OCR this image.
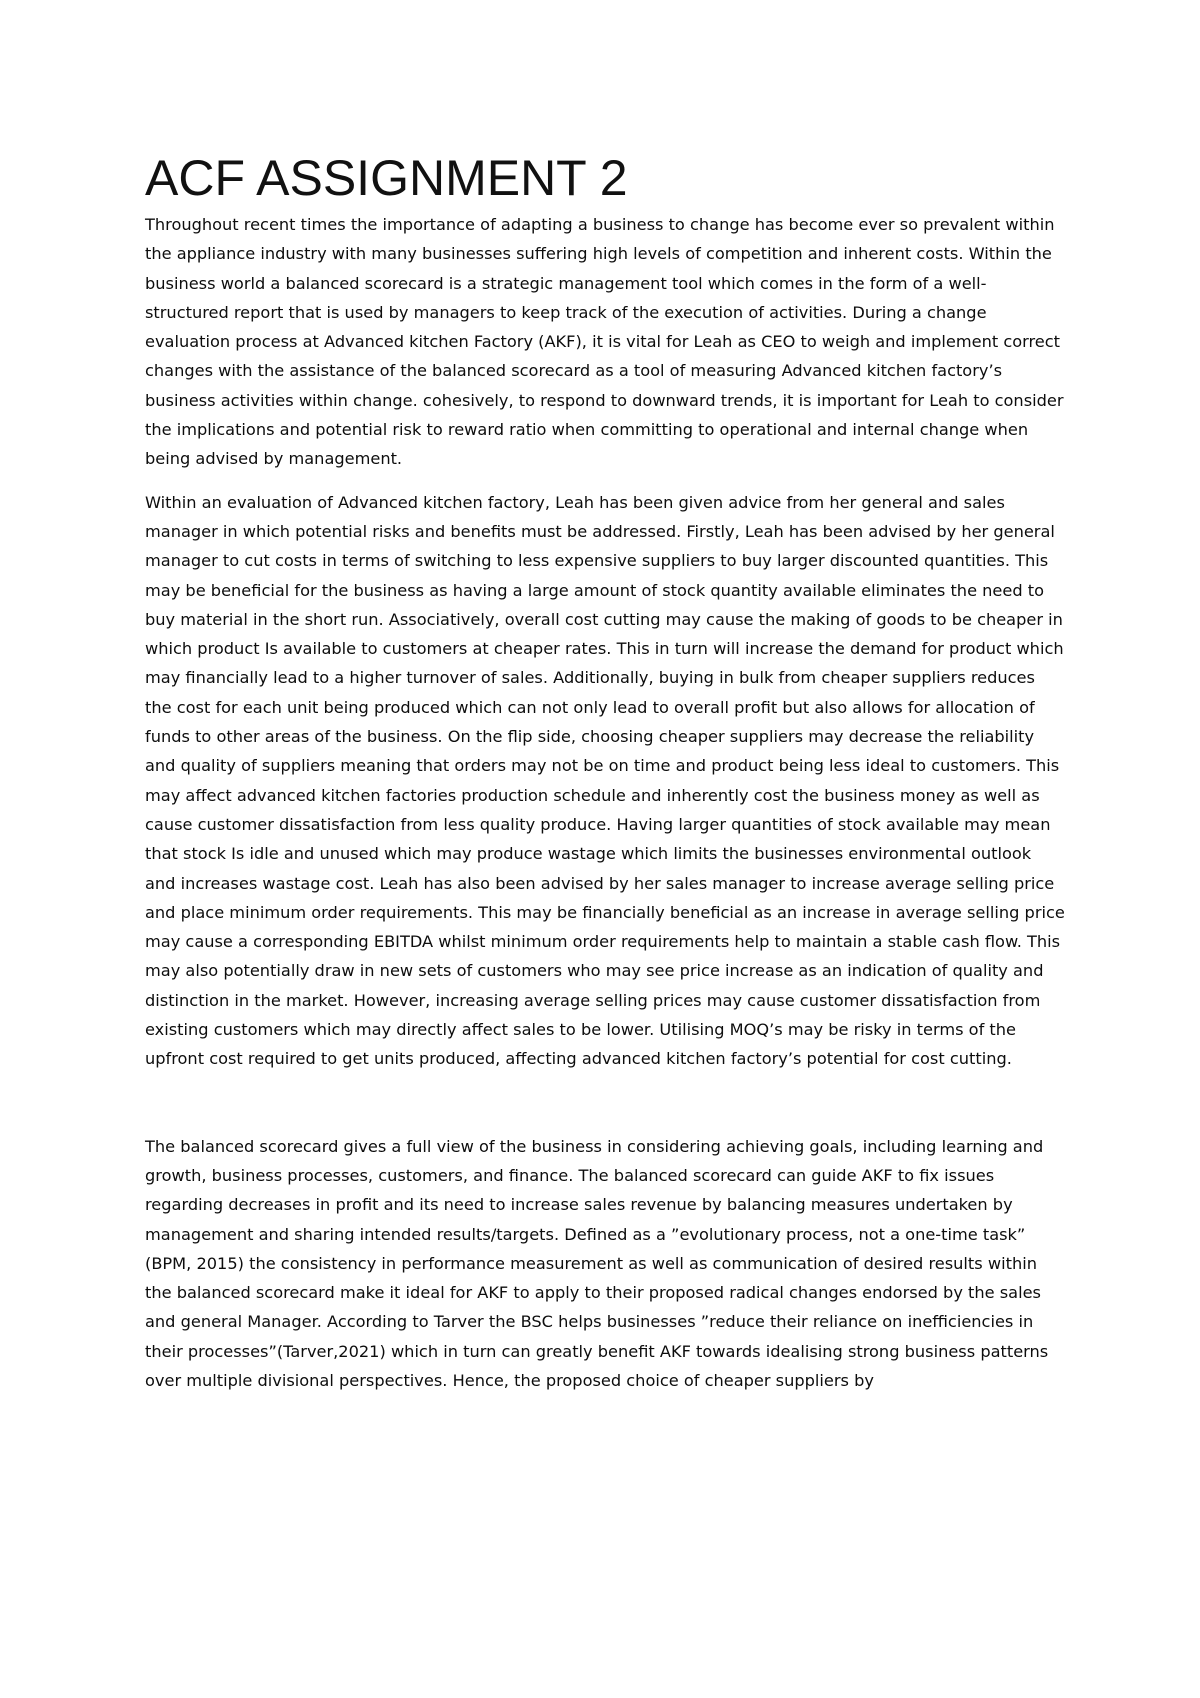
ACF ASSIGNMENT 2

Throughout recent times the importance of adapting a business to change has become ever so prevalent within the appliance industry with many businesses suffering high levels of competition and inherent costs. Within the business world a balanced scorecard is a strategic management tool which comes in the form of a well-structured report that is used by managers to keep track of the execution of activities. During a change evaluation process at Advanced kitchen Factory (AKF), it is vital for Leah as CEO to weigh and implement correct changes with the assistance of the balanced scorecard as a tool of measuring Advanced kitchen factory’s business activities within change. cohesively, to respond to downward trends, it is important for Leah to consider the implications and potential risk to reward ratio when committing to operational and internal change when being advised by management.

Within an evaluation of Advanced kitchen factory, Leah has been given advice from her general and sales manager in which potential risks and benefits must be addressed. Firstly, Leah has been advised by her general manager to cut costs in terms of switching to less expensive suppliers to buy larger discounted quantities. This may be beneficial for the business as having a large amount of stock quantity available eliminates the need to buy material in the short run. Associatively, overall cost cutting may cause the making of goods to be cheaper in which product Is available to customers at cheaper rates. This in turn will increase the demand for product which may financially lead to a higher turnover of sales. Additionally, buying in bulk from cheaper suppliers reduces the cost for each unit being produced which can not only lead to overall profit but also allows for allocation of funds to other areas of the business. On the flip side, choosing cheaper suppliers may decrease the reliability and quality of suppliers meaning that orders may not be on time and product being less ideal to customers. This may affect advanced kitchen factories production schedule and inherently cost the business money as well as cause customer dissatisfaction from less quality produce. Having larger quantities of stock available may mean that stock Is idle and unused which may produce wastage which limits the businesses environmental outlook and increases wastage cost. Leah has also been advised by her sales manager to increase average selling price and place minimum order requirements. This may be financially beneficial as an increase in average selling price may cause a corresponding EBITDA whilst minimum order requirements help to maintain a stable cash flow. This may also potentially draw in new sets of customers who may see price increase as an indication of quality and distinction in the market. However, increasing average selling prices may cause customer dissatisfaction from existing customers which may directly affect sales to be lower. Utilising MOQ’s may be risky in terms of the upfront cost required to get units produced, affecting advanced kitchen factory’s potential for cost cutting.

The balanced scorecard gives a full view of the business in considering achieving goals, including learning and growth, business processes, customers, and finance. The balanced scorecard can guide AKF to fix issues regarding decreases in profit and its need to increase sales revenue by balancing measures undertaken by management and sharing intended results/targets. Defined as a ”evolutionary process, not a one-time task” (BPM, 2015) the consistency in performance measurement as well as communication of desired results within the balanced scorecard make it ideal for AKF to apply to their proposed radical changes endorsed by the sales and general Manager. According to Tarver the BSC helps businesses ”reduce their reliance on inefficiencies in their processes”(Tarver,2021) which in turn can greatly benefit AKF towards idealising strong business patterns over multiple divisional perspectives. Hence, the proposed choice of cheaper suppliers by
